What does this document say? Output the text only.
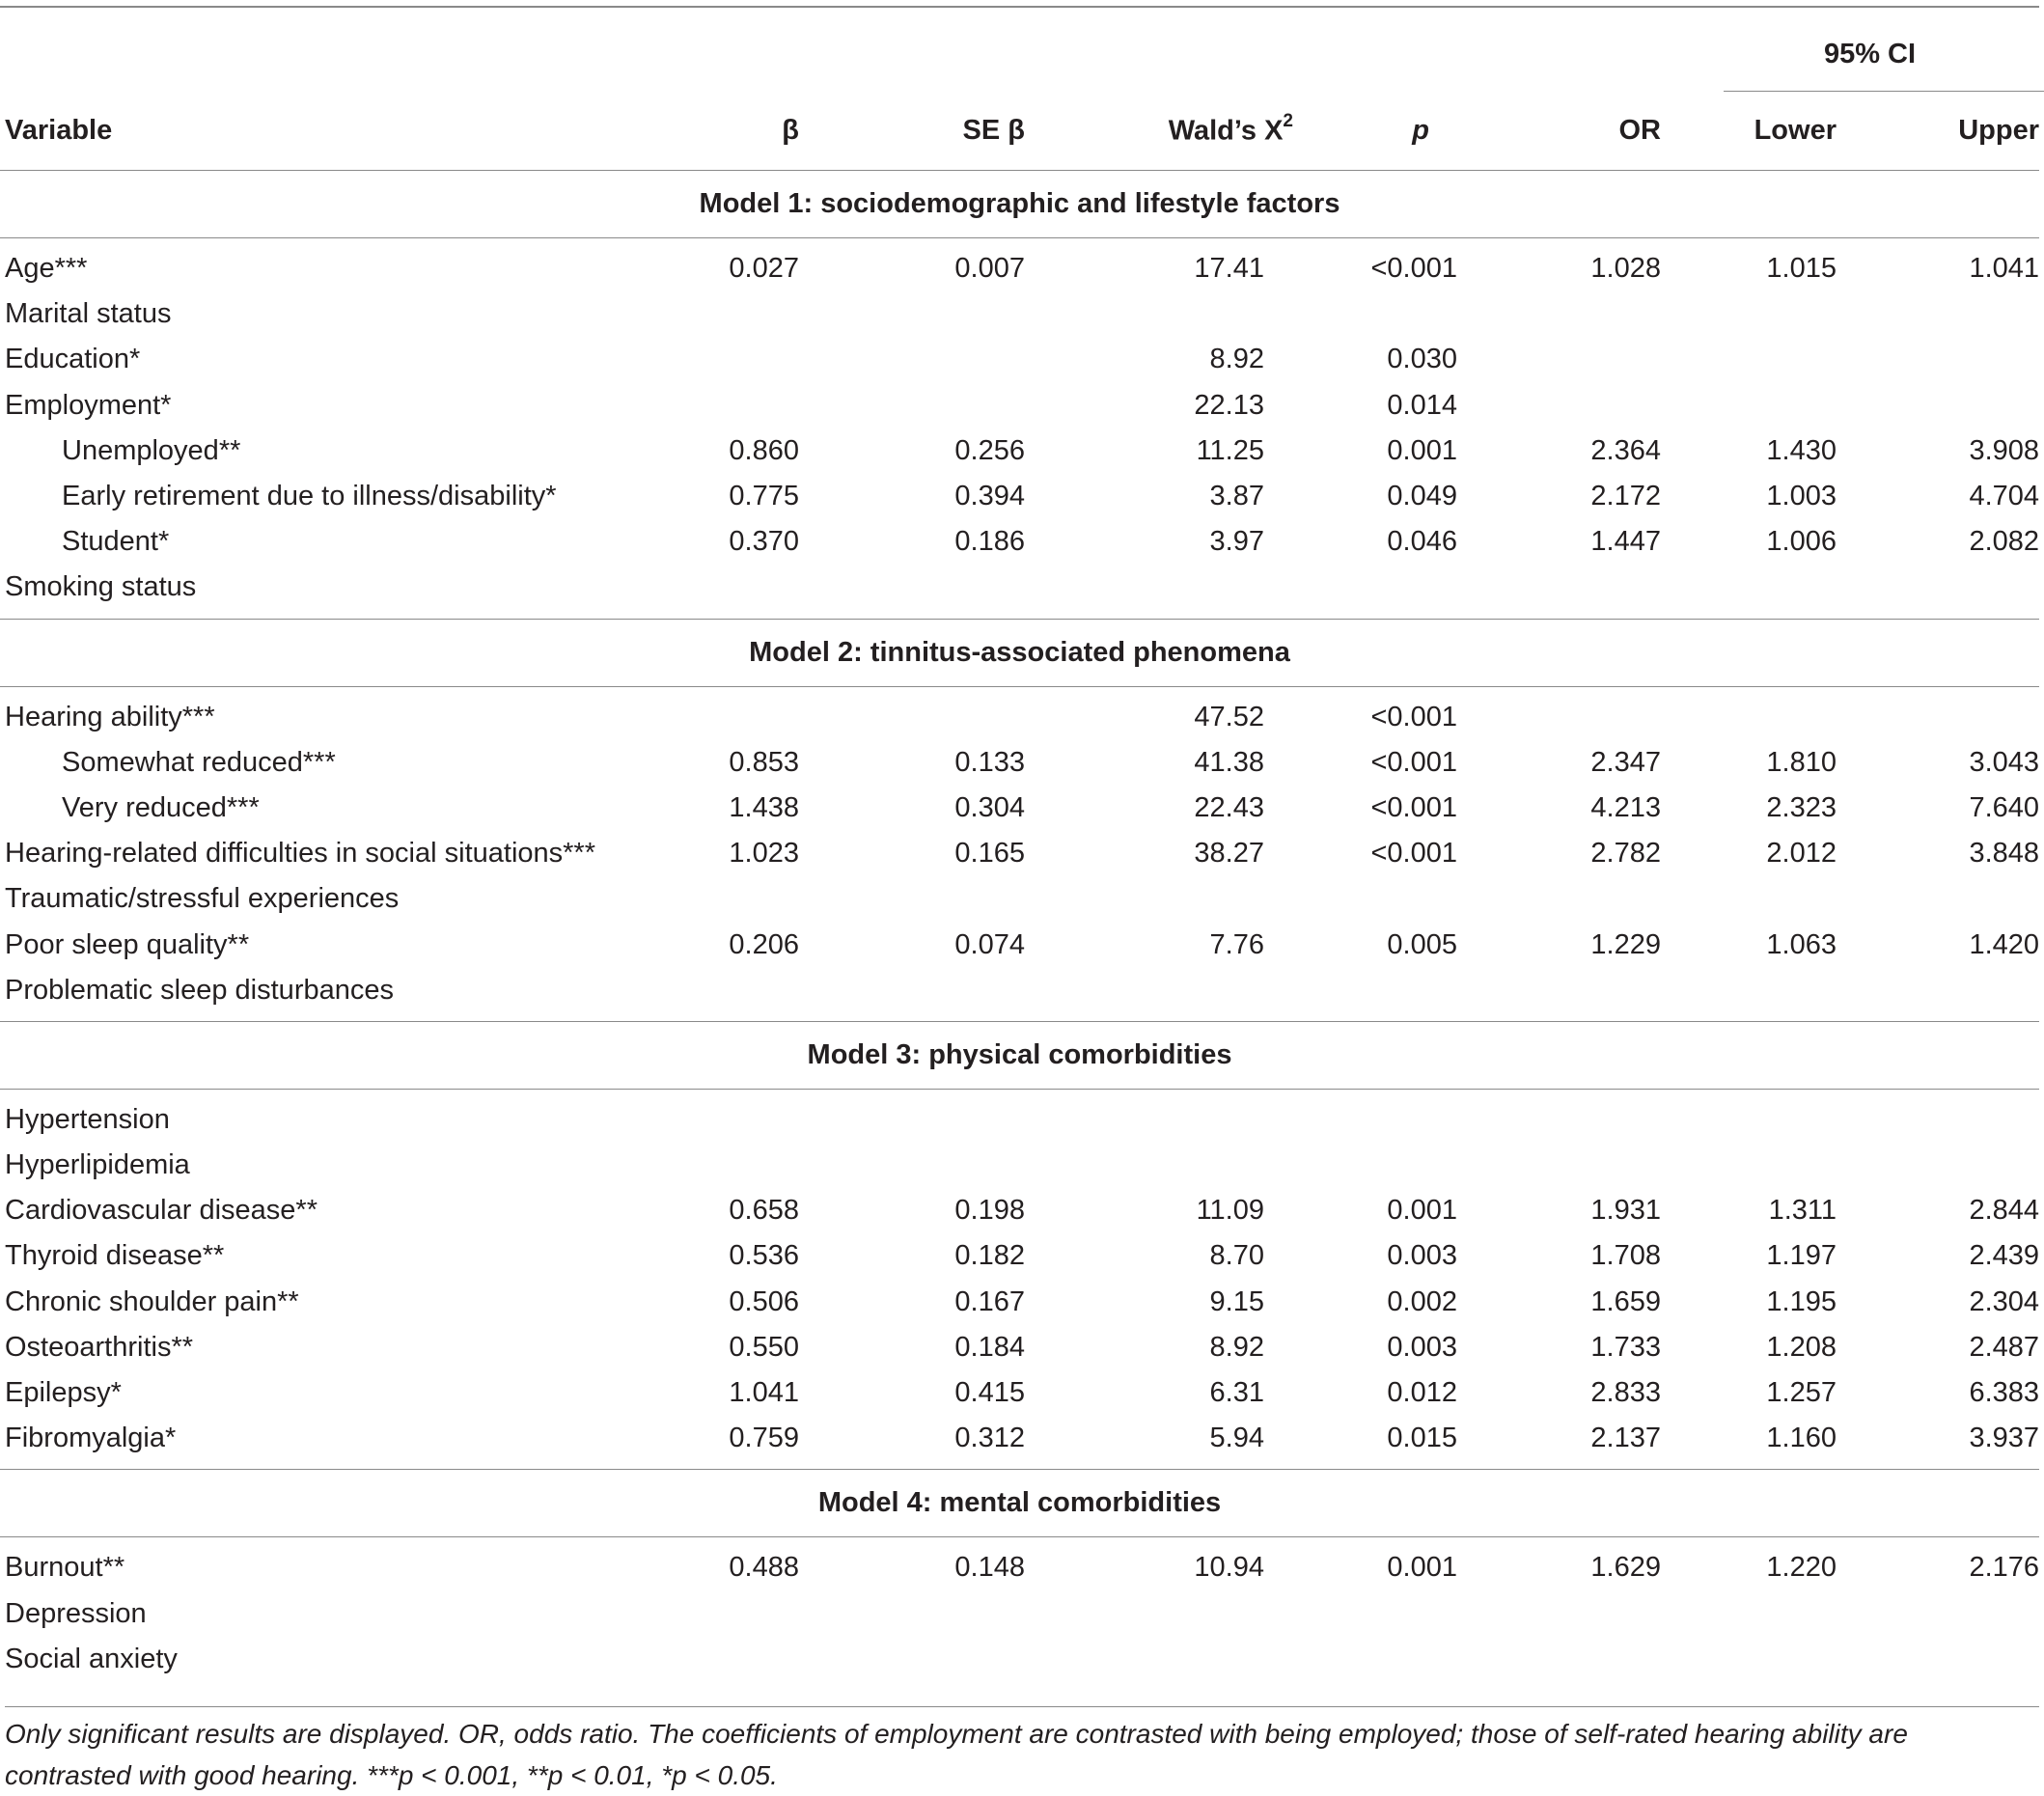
						95% CI	

Variable	β	SE β	Wald’s $X^2$	p	OR	Lower	Upper
Model 1: sociodemographic and lifestyle factors							
Age***	0.027	0.007	17.41	<0.001	1.028	1.015	1.041
Marital status							
Education*			8.92	0.030			
Employment*			22.13	0.014			
Unemployed**	0.860	0.256	11.25	0.001	2.364	1.430	3.908
Early retirement due to illness/disability*	0.775	0.394	3.87	0.049	2.172	1.003	4.704
Student*	0.370	0.186	3.97	0.046	1.447	1.006	2.082
Smoking status							
Model 2: tinnitus-associated phenomena							
Hearing ability***			47.52	<0.001			
Somewhat reduced***	0.853	0.133	41.38	<0.001	2.347	1.810	3.043
Very reduced***	1.438	0.304	22.43	<0.001	4.213	2.323	7.640
Hearing-related difficulties in social situations***	1.023	0.165	38.27	<0.001	2.782	2.012	3.848
Traumatic/stressful experiences							
Poor sleep quality**	0.206	0.074	7.76	0.005	1.229	1.063	1.420
Problematic sleep disturbances							
Model 3: physical comorbidities							
Hypertension							
Hyperlipidemia							
Cardiovascular disease**	0.658	0.198	11.09	0.001	1.931	1.311	2.844
Thyroid disease**	0.536	0.182	8.70	0.003	1.708	1.197	2.439
Chronic shoulder pain**	0.506	0.167	9.15	0.002	1.659	1.195	2.304
Osteoarthritis**	0.550	0.184	8.92	0.003	1.733	1.208	2.487
Epilepsy*	1.041	0.415	6.31	0.012	2.833	1.257	6.383
Fibromyalgia*	0.759	0.312	5.94	0.015	2.137	1.160	3.937
Model 4: mental comorbidities							
Burnout**	0.488	0.148	10.94	0.001	1.629	1.220	2.176
Depression							
Social anxiety							
Only significant results are displayed. OR, odds ratio. The coefficients of employment are contrasted with being employed; those of self-rated hearing ability are contrasted with good hearing. ***p < 0.001, **p < 0.01, *p < 0.05.
